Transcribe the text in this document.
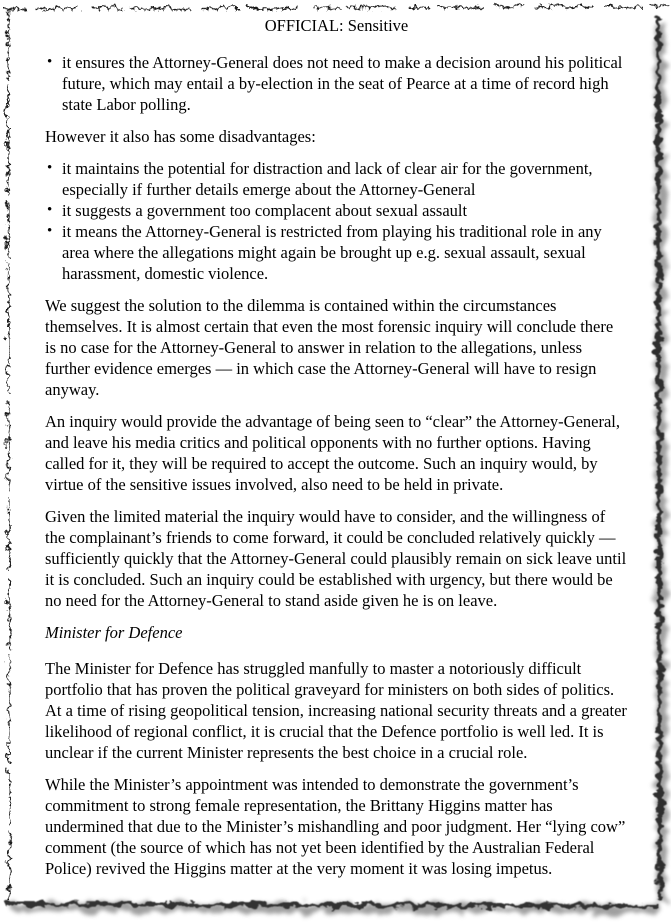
OFFICIAL: Sensitive
• it ensures the Attorney-General does not need to make a decision around his political future, which may entail a by-election in the seat of Pearce at a time of record high state Labor polling.

However it also has some disadvantages:

• it maintains the potential for distraction and lack of clear air for the government, especially if further details emerge about the Attorney-General
• it suggests a government too complacent about sexual assault
• it means the Attorney-General is restricted from playing his traditional role in any area where the allegations might again be brought up e.g. sexual assault, sexual harassment, domestic violence.

We suggest the solution to the dilemma is contained within the circumstances themselves. It is almost certain that even the most forensic inquiry will conclude there is no case for the Attorney-General to answer in relation to the allegations, unless further evidence emerges — in which case the Attorney-General will have to resign anyway.

An inquiry would provide the advantage of being seen to “clear” the Attorney-General, and leave his media critics and political opponents with no further options. Having called for it, they will be required to accept the outcome. Such an inquiry would, by virtue of the sensitive issues involved, also need to be held in private.

Given the limited material the inquiry would have to consider, and the willingness of the complainant’s friends to come forward, it could be concluded relatively quickly — sufficiently quickly that the Attorney-General could plausibly remain on sick leave until it is concluded. Such an inquiry could be established with urgency, but there would be no need for the Attorney-General to stand aside given he is on leave.

Minister for Defence

The Minister for Defence has struggled manfully to master a notoriously difficult portfolio that has proven the political graveyard for ministers on both sides of politics. At a time of rising geopolitical tension, increasing national security threats and a greater likelihood of regional conflict, it is crucial that the Defence portfolio is well led. It is unclear if the current Minister represents the best choice in a crucial role.

While the Minister’s appointment was intended to demonstrate the government’s commitment to strong female representation, the Brittany Higgins matter has undermined that due to the Minister’s mishandling and poor judgment. Her “lying cow” comment (the source of which has not yet been identified by the Australian Federal Police) revived the Higgins matter at the very moment it was losing impetus.
